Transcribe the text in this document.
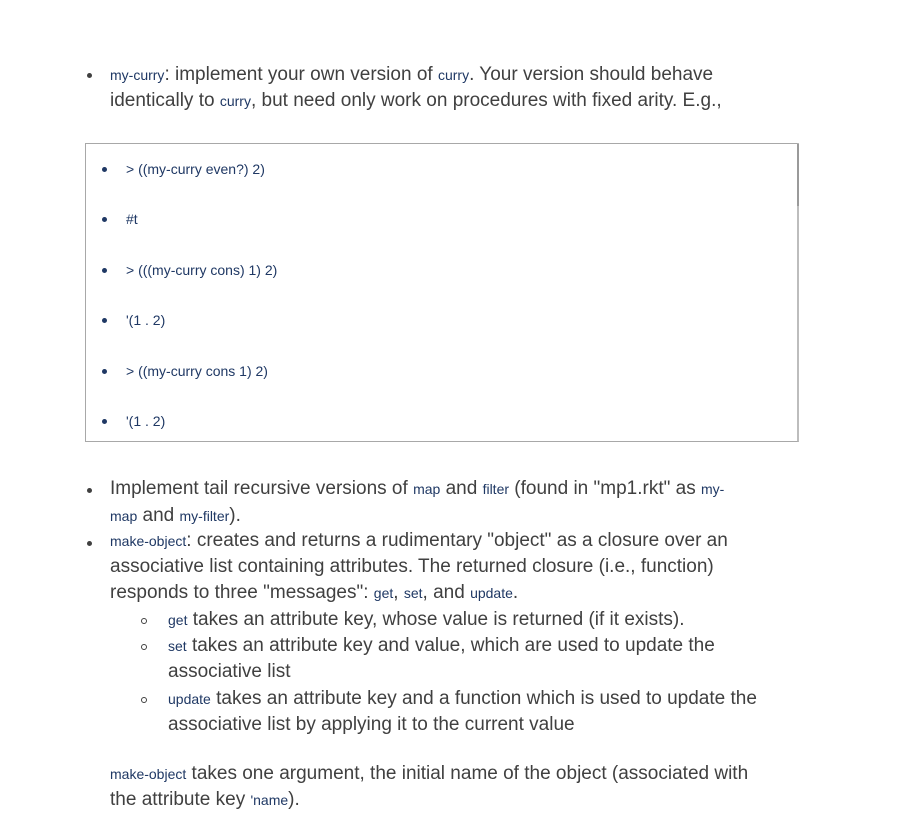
my-curry: implement your own version of curry. Your version should behave
identically to curry, but need only work on procedures with fixed arity. E.g.,
> ((my-curry even?) 2)
#t
> (((my-curry cons) 1) 2)
'(1 . 2)
> ((my-curry cons 1) 2)
'(1 . 2)
Implement tail recursive versions of map and filter (found in "mp1.rkt" as my-
map and my-filter).
make-object: creates and returns a rudimentary "object" as a closure over an
associative list containing attributes. The returned closure (i.e., function)
responds to three "messages": get, set, and update.
get takes an attribute key, whose value is returned (if it exists).
set takes an attribute key and value, which are used to update the
associative list
update takes an attribute key and a function which is used to update the
associative list by applying it to the current value
make-object takes one argument, the initial name of the object (associated with
the attribute key 'name).
